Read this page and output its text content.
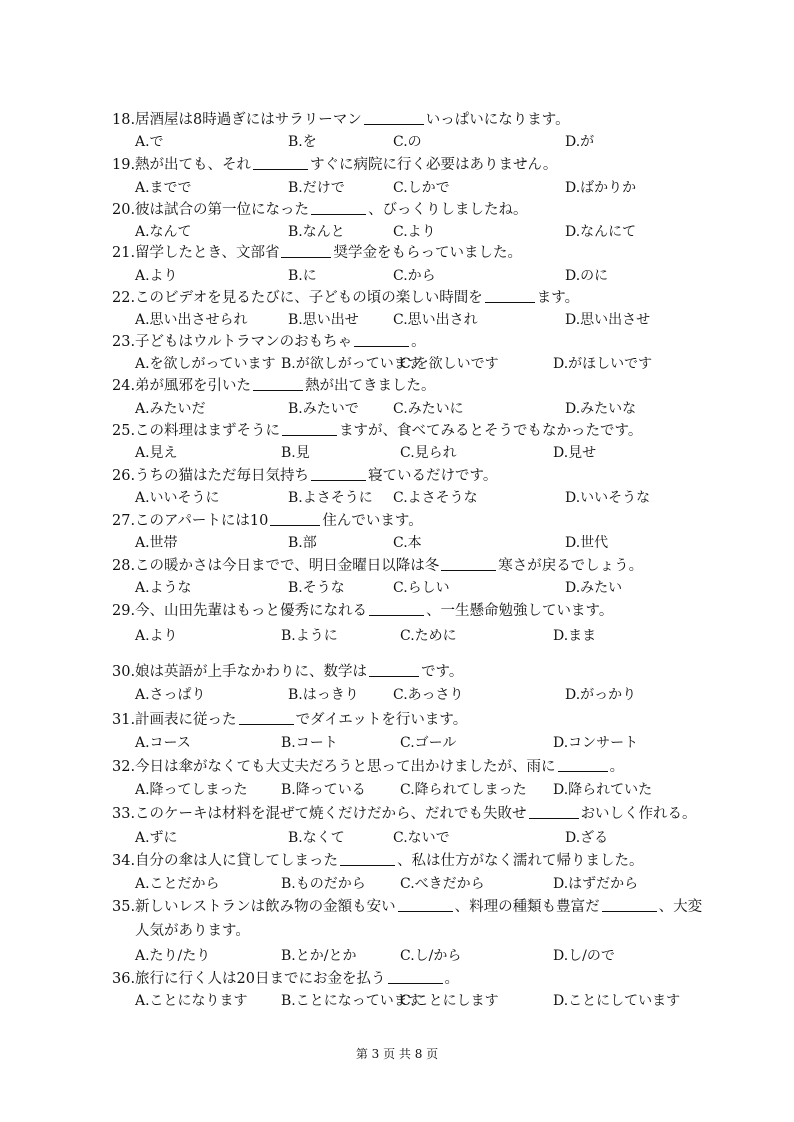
18.居酒屋は8時過ぎにはサラリーマン	いっぱいになります。
A.で	B.を	C.の	D.が
19.熱が出ても、それ	すぐに病院に行く必要はありません。
A.までで	B.だけで	C.しかで	D.ばかりか
20.彼は試合の第一位になった	、びっくりしましたね。
A.なんて	B.なんと	C.より	D.なんにて
21.留学したとき、文部省	奨学金をもらっていました。
A.より	B.に	C.から	D.のに
22.このビデオを見るたびに、子どもの頃の楽しい時間を	ます。
A.思い出させられ	B.思い出せ C.思い出され	D.思い出させ
23.子どもはウルトラマンのおもちゃ	。
A.を欲しがっています B.が欲しがっています
C.を欲しいです	D.がほしいです
24.弟が風邪を引いた	熱が出てきました。
A.みたいだ	B.みたいで C.みたいに	D.みたいな
25.この料理はまずそうに	ますが、食べてみるとそうでもなかったです。
A.見え	B.見	C.見られ	D.見せ
26.うちの猫はただ毎日気持ち	寝ているだけです。
A.いいそうに	B.よさそうに C.よさそうな	D.いいそうな
27.このアパートには10	住んでいます。
A.世帯	B.部	C.本	D.世代
28.この暖かさは今日までで、明日金曜日以降は冬	寒さが戻るでしょう。
A.ような	B.そうな	C.らしい	D.みたい
29.今、山田先輩はもっと優秀になれる	、一生懸命勉強しています。
A.より	B.ように	C.ために	D.まま
30.娘は英語が上手なかわりに、数学は	です。
A.さっぱり	B.はっきり C.あっさり	D.がっかり
31.計画表に従った	でダイエットを行います。
A.コース	B.コート	C.ゴール	D.コンサート
32.今日は傘がなくても大丈夫だろうと思って出かけましたが、雨に	。
A.降ってしまった B.降っている C.降られてしまった D.降られていた
33.このケーキは材料を混ぜて焼くだけだから、だれでも失敗せ	おいしく作れる。
A.ずに	B.なくて	C.ないで	D.ざる
34.自分の傘は人に貸してしまった	、私は仕方がなく濡れて帰りました。
A.ことだから	B.ものだから C.べきだから	D.はずだから
35.新しいレストランは飲み物の金額も安い	、料理の種類も豊富だ	、大変
人気があります。
A.たり/たり	B.とか/とか	C.し/から	D.し/ので
36.旅行に行く人は20日までにお金を払う	。
A.ことになります B.ことになっています
C.ことにします	D.ことにしています
第 3 页 共 8 页
